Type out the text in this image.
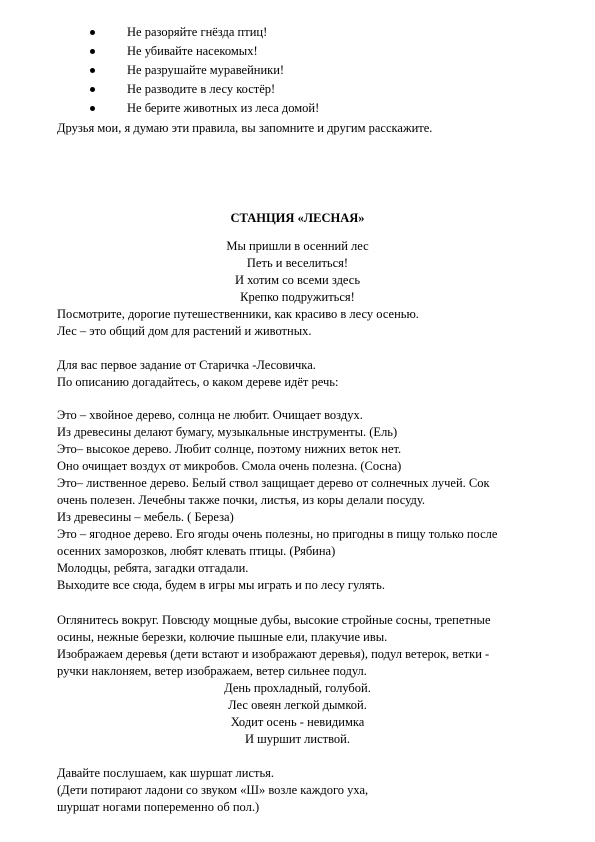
Не разоряйте гнёзда птиц!
Не убивайте насекомых!
Не разрушайте муравейники!
Не разводите в лесу костёр!
Не берите животных из леса домой!
Друзья мои, я думаю эти правила, вы запомните и другим расскажите.
СТАНЦИЯ «ЛЕСНАЯ»
Мы пришли в осенний лес
Петь и веселиться!
И хотим со всеми здесь
Крепко подружиться!
Посмотрите, дорогие путешественники, как красиво в лесу осенью.
Лес – это общий дом для растений и животных.
Для вас первое задание от Старичка -Лесовичка.
По описанию догадайтесь, о каком дереве идёт речь:
Это – хвойное дерево, солнца не любит. Очищает воздух.
Из древесины делают бумагу, музыкальные инструменты. (Ель)
Это– высокое дерево. Любит солнце, поэтому нижних веток нет.
Оно очищает воздух от микробов. Смола очень полезна. (Сосна)
Это– лиственное дерево. Белый ствол защищает дерево от солнечных лучей. Сок
очень полезен. Лечебны также почки, листья, из коры делали посуду.
Из древесины – мебель. ( Береза)
Это – ягодное дерево. Его ягоды очень полезны, но пригодны в пищу только после
осенних заморозков, любят клевать птицы. (Рябина)
Молодцы, ребята, загадки отгадали.
Выходите все сюда, будем в игры мы играть и по лесу гулять.
Оглянитесь вокруг. Повсюду мощные дубы, высокие стройные сосны, трепетные
осины, нежные березки, колючие пышные ели, плакучие ивы.
Изображаем деревья (дети встают и изображают деревья), подул ветерок, ветки -
ручки наклоняем, ветер изображаем, ветер сильнее подул.
День прохладный, голубой.
Лес овеян легкой дымкой.
Ходит осень - невидимка
И шуршит листвой.
Давайте послушаем, как шуршат листья.
(Дети потирают ладони со звуком «Ш» возле каждого уха,
шуршат ногами попеременно об пол.)
